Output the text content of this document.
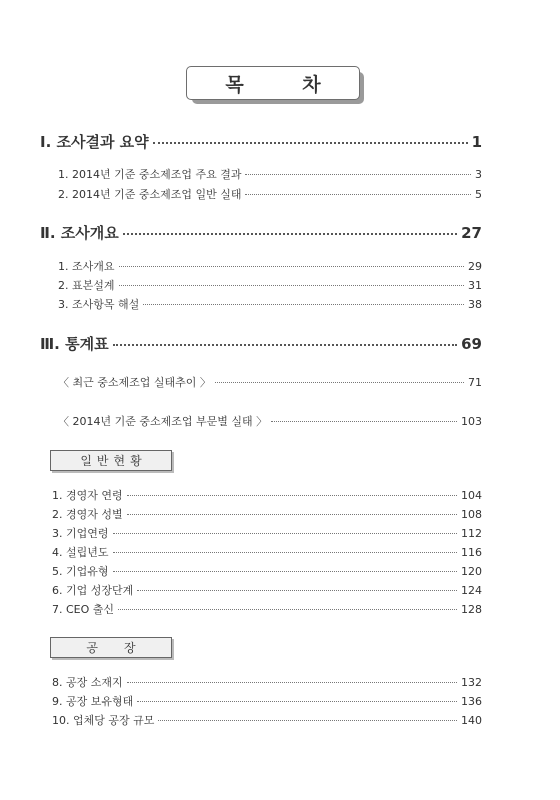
목 차
Ⅰ. 조사결과 요약	1
1. 2014년 기준 중소제조업 주요 결과	3
2. 2014년 기준 중소제조업 일반 실태	5
Ⅱ. 조사개요	27
1. 조사개요	29
2. 표본설계	31
3. 조사항목 해설	38
Ⅲ. 통계표	69
〈 최근 중소제조업 실태추이 〉	71
〈 2014년 기준 중소제조업 부문별 실태 〉	103
일반현황
1. 경영자 연령	104
2. 경영자 성별	108
3. 기업연령	112
4. 설립년도	116
5. 기업유형	120
6. 기업 성장단계	124
7. CEO 출신	128
공장
8. 공장 소재지	132
9. 공장 보유형태	136
10. 업체당 공장 규모	140
